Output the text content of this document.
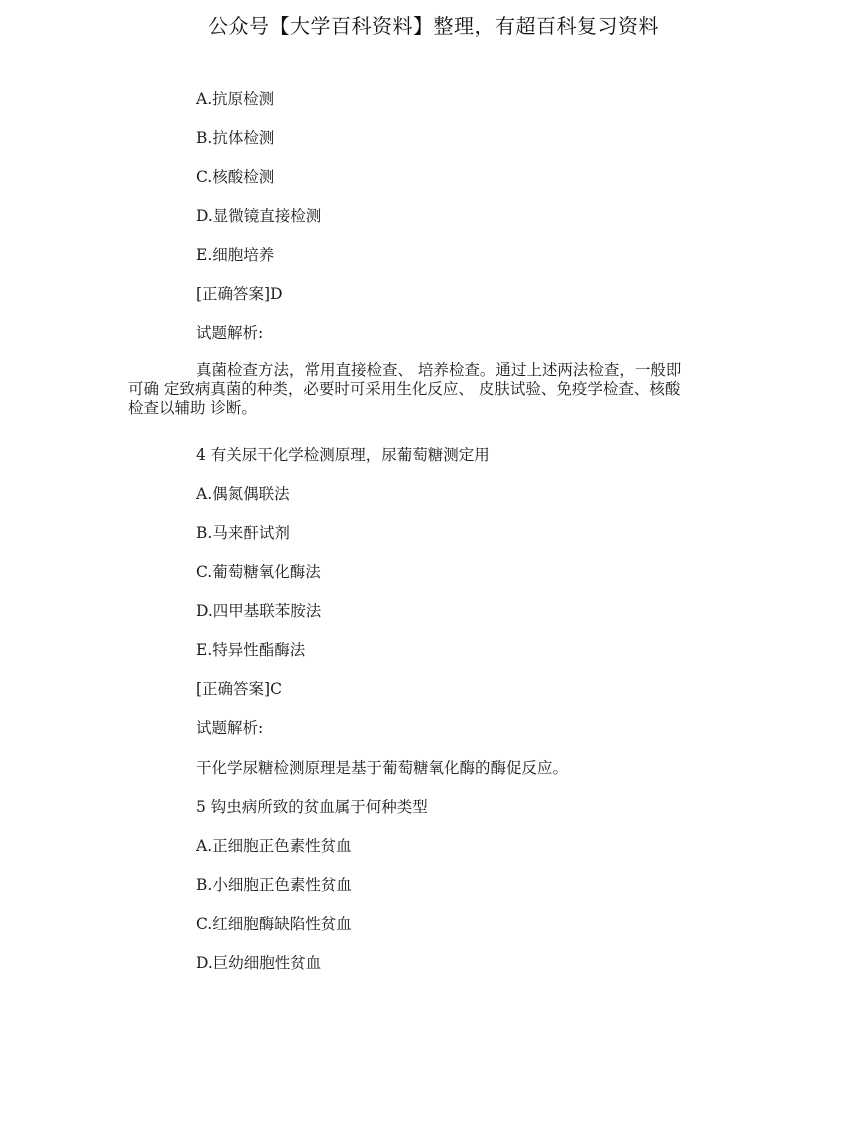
公众号【大学百科资料】整理，有超百科复习资料
A.抗原检测
B.抗体检测
C.核酸检测
D.显微镜直接检测
E.细胞培养
[正确答案]D
试题解析:
真菌检查方法，常用直接检查、 培养检查。通过上述两法检查，一般即
可确 定致病真菌的种类，必要时可采用生化反应、 皮肤试验、免疫学检查、核酸
检查以辅助 诊断。
4 有关尿干化学检测原理，尿葡萄糖测定用
A.偶氮偶联法
B.马来酐试剂
C.葡萄糖氧化酶法
D.四甲基联苯胺法
E.特异性酯酶法
[正确答案]C
试题解析:
干化学尿糖检测原理是基于葡萄糖氧化酶的酶促反应。
5 钩虫病所致的贫血属于何种类型
A.正细胞正色素性贫血
B.小细胞正色素性贫血
C.红细胞酶缺陷性贫血
D.巨幼细胞性贫血
